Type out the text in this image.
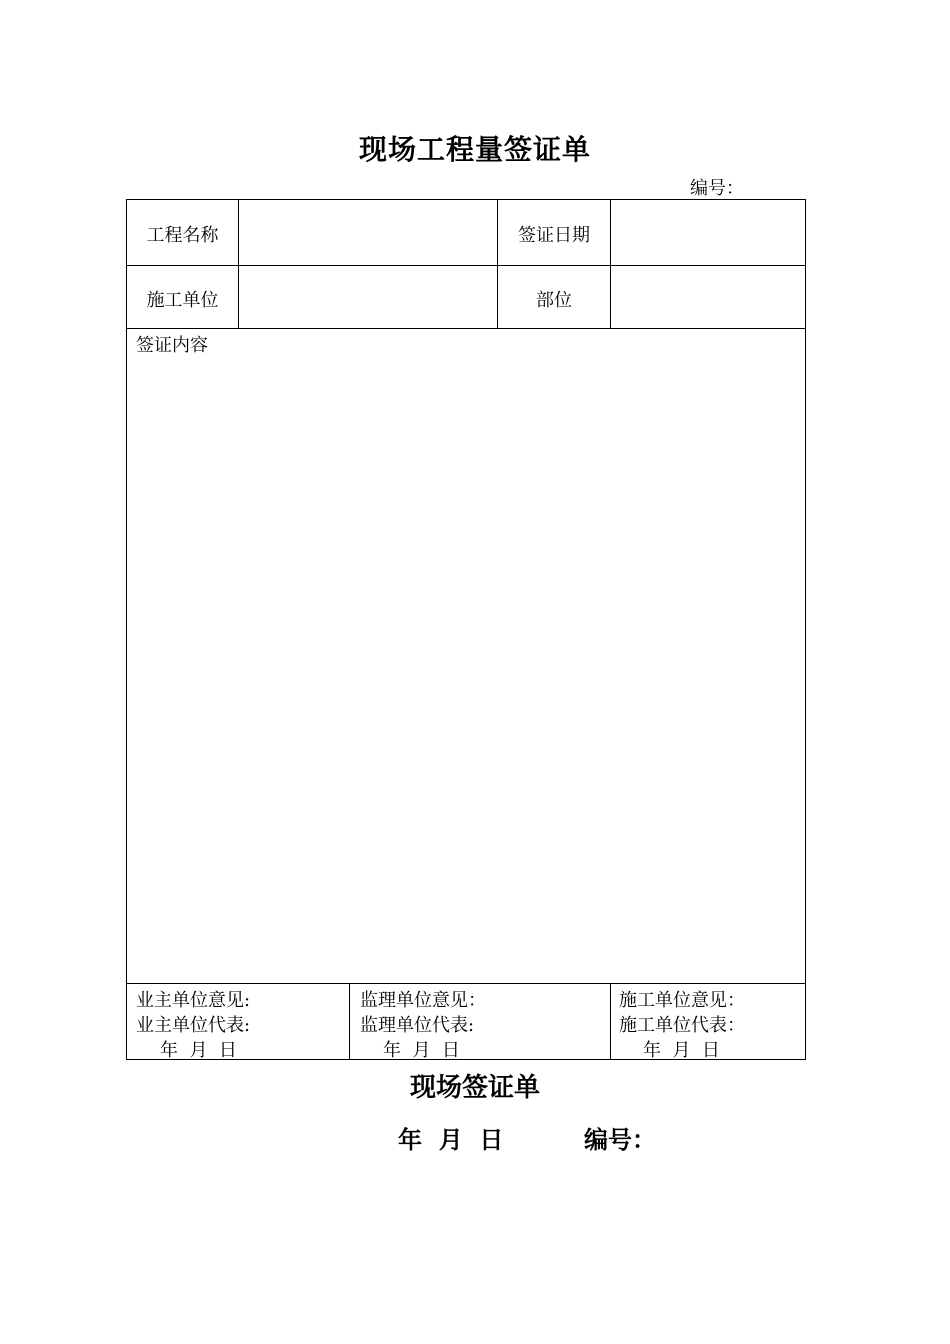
现场工程量签证单
编号：
工程名称	签证日期
施工单位	部位
签证内容
业主单位意见:
业主单位代表:
年  月  日
监理单位意见：
监理单位代表:
年  月  日
施工单位意见：
施工单位代表：
年  月  日
现场签证单
年  月  日	编号：
